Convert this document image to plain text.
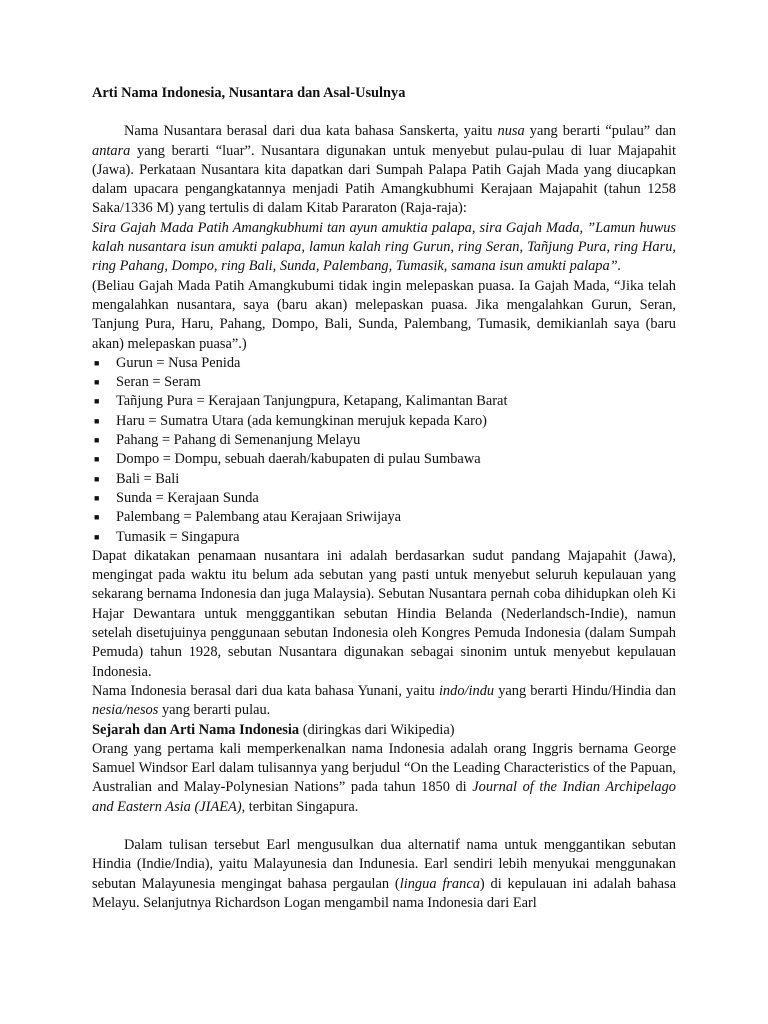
Arti Nama Indonesia, Nusantara dan Asal-Usulnya

Nama Nusantara berasal dari dua kata bahasa Sanskerta, yaitu nusa yang berarti “pulau” dan antara yang berarti “luar”. Nusantara digunakan untuk menyebut pulau-pulau di luar Majapahit (Jawa). Perkataan Nusantara kita dapatkan dari Sumpah Palapa Patih Gajah Mada yang diucapkan dalam upacara pengangkatannya menjadi Patih Amangkubhumi Kerajaan Majapahit (tahun 1258 Saka/1336 M) yang tertulis di dalam Kitab Pararaton (Raja-raja):

Sira Gajah Mada Patih Amangkubhumi tan ayun amuktia palapa, sira Gajah Mada, ”Lamun huwus kalah nusantara isun amukti palapa, lamun kalah ring Gurun, ring Seran, Tañjung Pura, ring Haru, ring Pahang, Dompo, ring Bali, Sunda, Palembang, Tumasik, samana isun amukti palapa”.

(Beliau Gajah Mada Patih Amangkubumi tidak ingin melepaskan puasa. Ia Gajah Mada, “Jika telah mengalahkan nusantara, saya (baru akan) melepaskan puasa. Jika mengalahkan Gurun, Seran, Tanjung Pura, Haru, Pahang, Dompo, Bali, Sunda, Palembang, Tumasik, demikianlah saya (baru akan) melepaskan puasa”.)

■ Gurun = Nusa Penida
■ Seran = Seram
■ Tañjung Pura = Kerajaan Tanjungpura, Ketapang, Kalimantan Barat
■ Haru = Sumatra Utara (ada kemungkinan merujuk kepada Karo)
■ Pahang = Pahang di Semenanjung Melayu
■ Dompo = Dompu, sebuah daerah/kabupaten di pulau Sumbawa
■ Bali = Bali
■ Sunda = Kerajaan Sunda
■ Palembang = Palembang atau Kerajaan Sriwijaya
■ Tumasik = Singapura

Dapat dikatakan penamaan nusantara ini adalah berdasarkan sudut pandang Majapahit (Jawa), mengingat pada waktu itu belum ada sebutan yang pasti untuk menyebut seluruh kepulauan yang sekarang bernama Indonesia dan juga Malaysia). Sebutan Nusantara pernah coba dihidupkan oleh Ki Hajar Dewantara untuk mengggantikan sebutan Hindia Belanda (Nederlandsch-Indie), namun setelah disetujuinya penggunaan sebutan Indonesia oleh Kongres Pemuda Indonesia (dalam Sumpah Pemuda) tahun 1928, sebutan Nusantara digunakan sebagai sinonim untuk menyebut kepulauan Indonesia.

Nama Indonesia berasal dari dua kata bahasa Yunani, yaitu indo/indu yang berarti Hindu/Hindia dan nesia/nesos yang berarti pulau.

Sejarah dan Arti Nama Indonesia (diringkas dari Wikipedia)

Orang yang pertama kali memperkenalkan nama Indonesia adalah orang Inggris bernama George Samuel Windsor Earl dalam tulisannya yang berjudul “On the Leading Characteristics of the Papuan, Australian and Malay-Polynesian Nations” pada tahun 1850 di Journal of the Indian Archipelago and Eastern Asia (JIAEA), terbitan Singapura.

Dalam tulisan tersebut Earl mengusulkan dua alternatif nama untuk menggantikan sebutan Hindia (Indie/India), yaitu Malayunesia dan Indunesia. Earl sendiri lebih menyukai menggunakan sebutan Malayunesia mengingat bahasa pergaulan (lingua franca) di kepulauan ini adalah bahasa Melayu. Selanjutnya Richardson Logan mengambil nama Indonesia dari Earl
